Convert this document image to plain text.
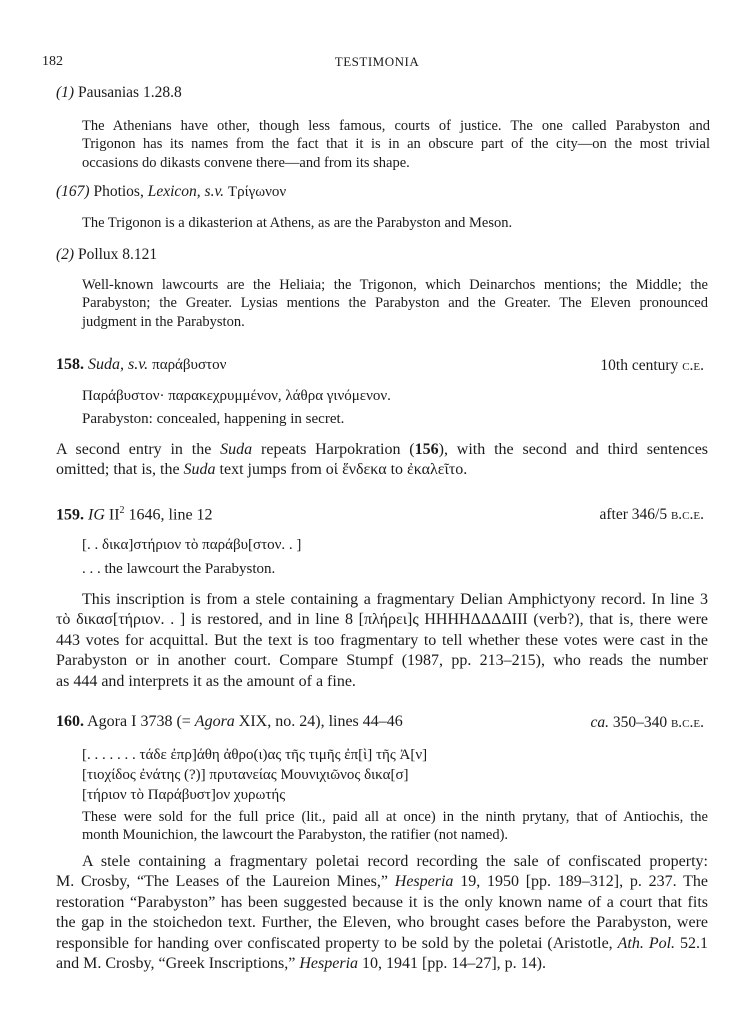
182	TESTIMONIA
(1) Pausanias 1.28.8
The Athenians have other, though less famous, courts of justice. The one called Parabyston and
Trigonon has its names from the fact that it is in an obscure part of the city—on the most trivial
occasions do dikasts convene there—and from its shape.
(167) Photios, Lexicon, s.v. Τρίγωνον
The Trigonon is a dikasterion at Athens, as are the Parabyston and Meson.
(2) Pollux 8.121
Well-known lawcourts are the Heliaia; the Trigonon, which Deinarchos mentions; the Middle; the
Parabyston; the Greater. Lysias mentions the Parabyston and the Greater. The Eleven pronounced
judgment in the Parabyston.
158. Suda, s.v. παράβυστον	10th century c.e.
Παράβυστον· παρακεχρυμμένον, λάθρα γινόμενον.
Parabyston: concealed, happening in secret.
A second entry in the Suda repeats Harpokration (156), with the second and third sentences
omitted; that is, the Suda text jumps from οἱ ἕνδεκα to ἐκαλεῖτο.
159. IG $II^2$ 1646, line 12	after 346/5 b.c.e.
[. . δικα]στήριον τὸ παράβυ[στον. . ]
. . . the lawcourt the Parabyston.
This inscription is from a stele containing a fragmentary Delian Amphictyony record. In line 3
τὸ δικασ[τήριον. . ] is restored, and in line 8 [πλήρει]ς HHHHΔΔΔΔIII (verb?), that is, there were
443 votes for acquittal. But the text is too fragmentary to tell whether these votes were cast in the
Parabyston or in another court. Compare Stumpf (1987, pp. 213–215), who reads the number
as 444 and interprets it as the amount of a fine.
160. Agora I 3738 (= Agora XIX, no. 24), lines 44–46	ca. 350–340 b.c.e.
[. . . . . . . τάδε ἐπρ]άθη ἀθρο(ι)ας τῆς τιμῆς ἐπ[ὶ] τῆς Ἀ[ν]
[τιοχίδος ἐνάτης (?)] πρυτανείας Μουνιχιῶνος δικα[σ]
[τήριον τὸ Παράβυστ]ον χυρωτής
These were sold for the full price (lit., paid all at once) in the ninth prytany, that of Antiochis, the
month Mounichion, the lawcourt the Parabyston, the ratifier (not named).
A stele containing a fragmentary poletai record recording the sale of confiscated property:
M. Crosby, “The Leases of the Laureion Mines,” Hesperia 19, 1950 [pp. 189–312], p. 237. The
restoration “Parabyston” has been suggested because it is the only known name of a court that fits
the gap in the stoichedon text. Further, the Eleven, who brought cases before the Parabyston, were
responsible for handing over confiscated property to be sold by the poletai (Aristotle, Ath. Pol. 52.1
and M. Crosby, “Greek Inscriptions,” Hesperia 10, 1941 [pp. 14–27], p. 14).
